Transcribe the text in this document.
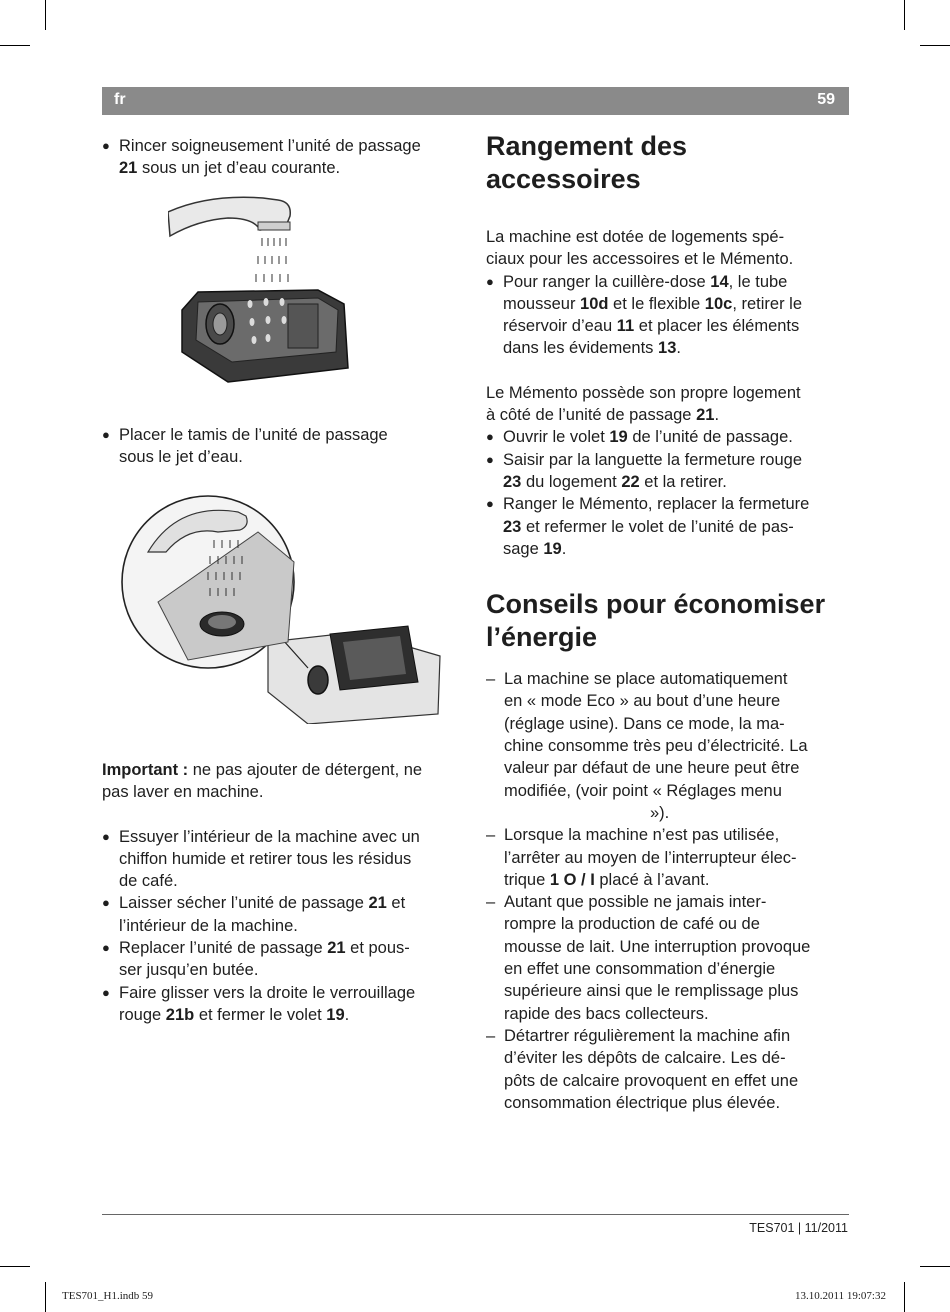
fr	59
● Rincer soigneusement l’unité de passage
21 sous un jet d’eau courante.
● Placer le tamis de l’unité de passage
sous le jet d’eau.
Important : ne pas ajouter de détergent, ne
pas laver en machine.
● Essuyer l’intérieur de la machine avec un
chiffon humide et retirer tous les résidus
de café.
● Laisser sécher l’unité de passage 21 et
l’intérieur de la machine.
● Replacer l’unité de passage 21 et pous-
ser jusqu’en butée.
● Faire glisser vers la droite le verrouillage
rouge 21b et fermer le volet 19.
Rangement des
accessoires
La machine est dotée de logements spé-
ciaux pour les accessoires et le Mémento.
● Pour ranger la cuillère-dose 14, le tube
mousseur 10d et le flexible 10c, retirer le
réservoir d’eau 11 et placer les éléments
dans les évidements 13.
Le Mémento possède son propre logement
à côté de l’unité de passage 21.
● Ouvrir le volet 19 de l’unité de passage.
● Saisir par la languette la fermeture rouge
23 du logement 22 et la retirer.
● Ranger le Mémento, replacer la fermeture
23 et refermer le volet de l’unité de pas-
sage 19.
Conseils pour économiser
l’énergie
– La machine se place automatiquement
en « mode Eco » au bout d’une heure
(réglage usine). Dans ce mode, la ma-
chine consomme très peu d’électricité. La
valeur par défaut de une heure peut être
modifiée, (voir point « Réglages menu
»).
– Lorsque la machine n’est pas utilisée,
l’arrêter au moyen de l’interrupteur élec-
trique 1 O / I placé à l’avant.
– Autant que possible ne jamais inter-
rompre la production de café ou de
mousse de lait. Une interruption provoque
en effet une consommation d’énergie
supérieure ainsi que le remplissage plus
rapide des bacs collecteurs.
– Détartrer régulièrement la machine afin
d’éviter les dépôts de calcaire. Les dé-
pôts de calcaire provoquent en effet une
consommation électrique plus élevée.
TES701 | 11/2011
TES701_H1.indb 59	13.10.2011 19:07:32
